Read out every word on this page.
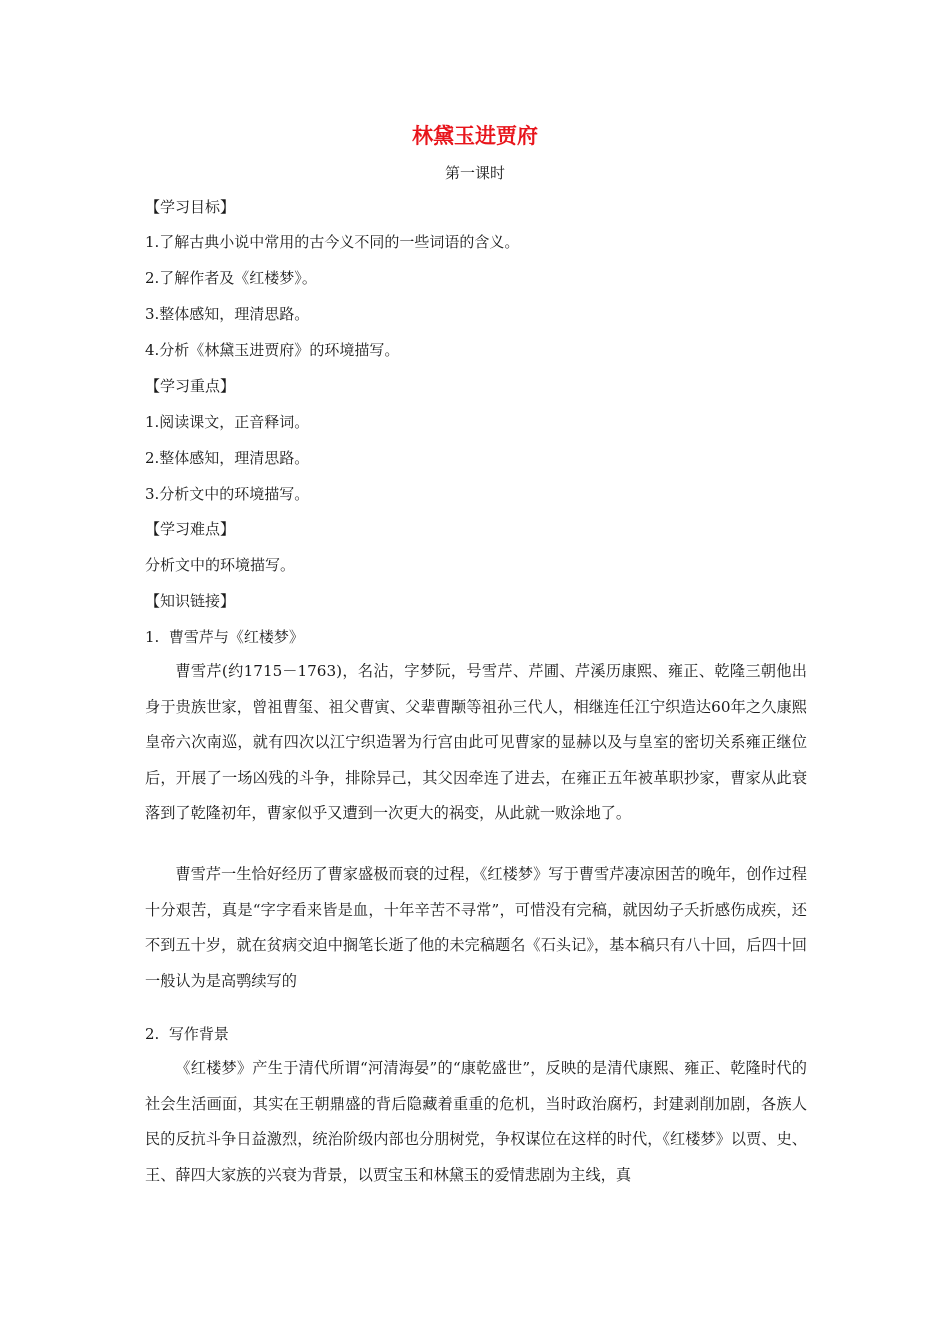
林黛玉进贾府
第一课时
【学习目标】
1.了解古典小说中常用的古今义不同的一些词语的含义。
2.了解作者及《红楼梦》。
3.整体感知，理清思路。
4.分析《林黛玉进贾府》的环境描写。
【学习重点】
1.阅读课文，正音释词。
2.整体感知，理清思路。
3.分析文中的环境描写。
【学习难点】
分析文中的环境描写。
【知识链接】
1.  曹雪芹与《红楼梦》
曹雪芹(约1715－1763)，名沾，字梦阮，号雪芹、芹圃、芹溪历康熙、雍正、乾隆三朝他出身于贵族世家，曾祖曹玺、祖父曹寅、父辈曹颙等祖孙三代人，相继连任江宁织造达60年之久康熙皇帝六次南巡，就有四次以江宁织造署为行宫由此可见曹家的显赫以及与皇室的密切关系雍正继位后，开展了一场凶残的斗争，排除异己，其父因牵连了进去，在雍正五年被革职抄家，曹家从此衰落到了乾隆初年，曹家似乎又遭到一次更大的祸变，从此就一败涂地了。
曹雪芹一生恰好经历了曹家盛极而衰的过程，《红楼梦》写于曹雪芹凄凉困苦的晚年，创作过程十分艰苦，真是“字字看来皆是血，十年辛苦不寻常”，可惜没有完稿，就因幼子夭折感伤成疾，还不到五十岁，就在贫病交迫中搁笔长逝了他的未完稿题名《石头记》，基本稿只有八十回，后四十回一般认为是高鹗续写的
2.  写作背景
《红楼梦》产生于清代所谓“河清海晏”的“康乾盛世”，反映的是清代康熙、雍正、乾隆时代的社会生活画面，其实在王朝鼎盛的背后隐藏着重重的危机，当时政治腐朽，封建剥削加剧，各族人民的反抗斗争日益激烈，统治阶级内部也分朋树党，争权谋位在这样的时代，《红楼梦》以贾、史、王、薛四大家族的兴衰为背景，以贾宝玉和林黛玉的爱情悲剧为主线，真
